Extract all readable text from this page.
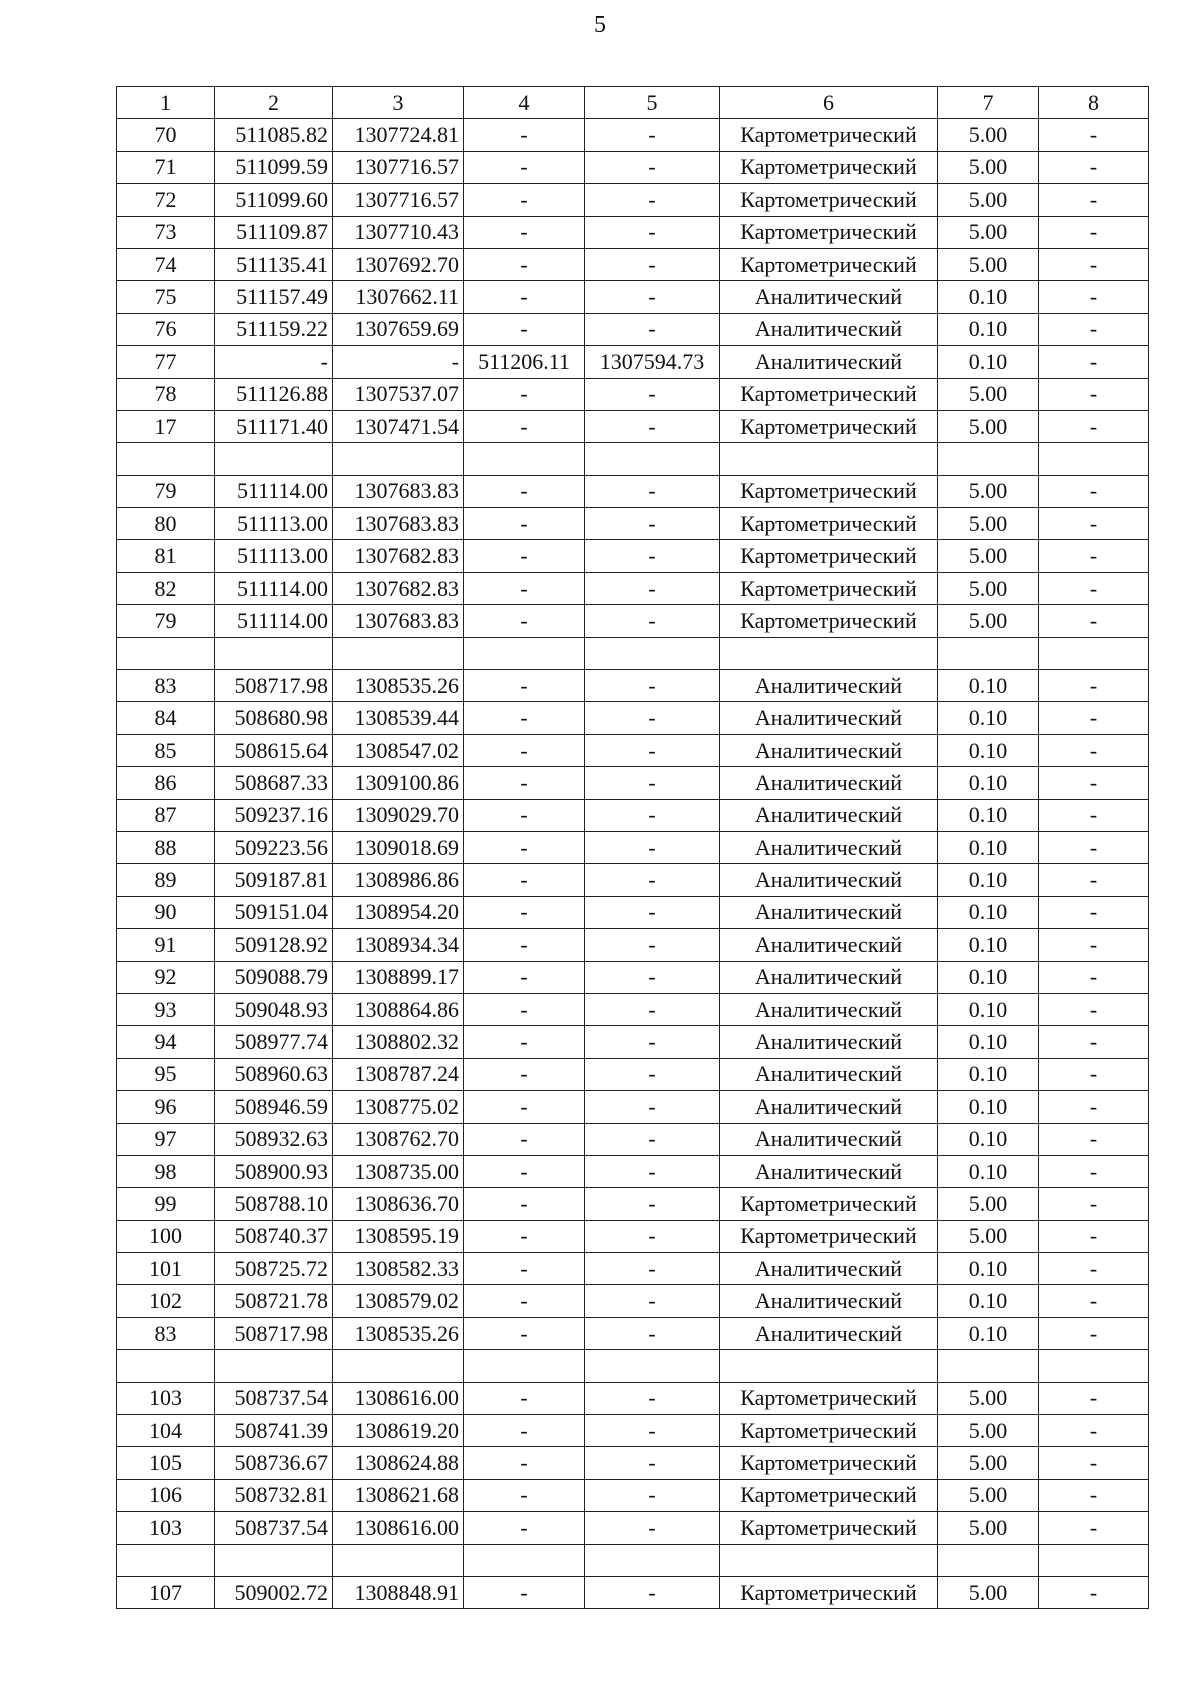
5
1	2	3	4	5	6	7	8
70	511085.82	1307724.81	-	-	Картометрический	5.00	-
71	511099.59	1307716.57	-	-	Картометрический	5.00	-
72	511099.60	1307716.57	-	-	Картометрический	5.00	-
73	511109.87	1307710.43	-	-	Картометрический	5.00	-
74	511135.41	1307692.70	-	-	Картометрический	5.00	-
75	511157.49	1307662.11	-	-	Аналитический	0.10	-
76	511159.22	1307659.69	-	-	Аналитический	0.10	-
77	-	-	511206.11	1307594.73	Аналитический	0.10	-
78	511126.88	1307537.07	-	-	Картометрический	5.00	-
17	511171.40	1307471.54	-	-	Картометрический	5.00	-

79	511114.00	1307683.83	-	-	Картометрический	5.00	-
80	511113.00	1307683.83	-	-	Картометрический	5.00	-
81	511113.00	1307682.83	-	-	Картометрический	5.00	-
82	511114.00	1307682.83	-	-	Картометрический	5.00	-
79	511114.00	1307683.83	-	-	Картометрический	5.00	-

83	508717.98	1308535.26	-	-	Аналитический	0.10	-
84	508680.98	1308539.44	-	-	Аналитический	0.10	-
85	508615.64	1308547.02	-	-	Аналитический	0.10	-
86	508687.33	1309100.86	-	-	Аналитический	0.10	-
87	509237.16	1309029.70	-	-	Аналитический	0.10	-
88	509223.56	1309018.69	-	-	Аналитический	0.10	-
89	509187.81	1308986.86	-	-	Аналитический	0.10	-
90	509151.04	1308954.20	-	-	Аналитический	0.10	-
91	509128.92	1308934.34	-	-	Аналитический	0.10	-
92	509088.79	1308899.17	-	-	Аналитический	0.10	-
93	509048.93	1308864.86	-	-	Аналитический	0.10	-
94	508977.74	1308802.32	-	-	Аналитический	0.10	-
95	508960.63	1308787.24	-	-	Аналитический	0.10	-
96	508946.59	1308775.02	-	-	Аналитический	0.10	-
97	508932.63	1308762.70	-	-	Аналитический	0.10	-
98	508900.93	1308735.00	-	-	Аналитический	0.10	-
99	508788.10	1308636.70	-	-	Картометрический	5.00	-
100	508740.37	1308595.19	-	-	Картометрический	5.00	-
101	508725.72	1308582.33	-	-	Аналитический	0.10	-
102	508721.78	1308579.02	-	-	Аналитический	0.10	-
83	508717.98	1308535.26	-	-	Аналитический	0.10	-

103	508737.54	1308616.00	-	-	Картометрический	5.00	-
104	508741.39	1308619.20	-	-	Картометрический	5.00	-
105	508736.67	1308624.88	-	-	Картометрический	5.00	-
106	508732.81	1308621.68	-	-	Картометрический	5.00	-
103	508737.54	1308616.00	-	-	Картометрический	5.00	-

107	509002.72	1308848.91	-	-	Картометрический	5.00	-
